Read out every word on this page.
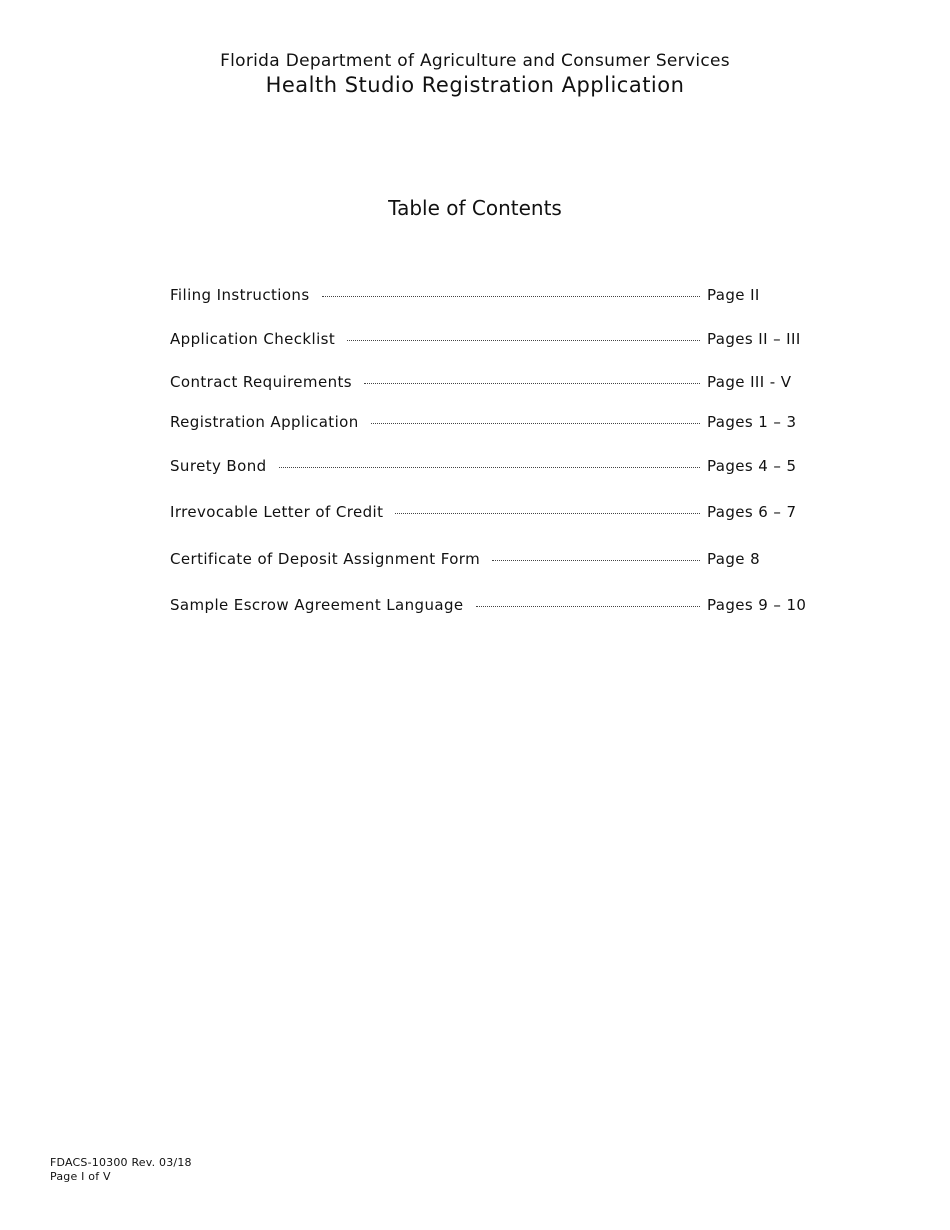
Florida Department of Agriculture and Consumer Services

Health Studio Registration Application

Table of Contents
Filing Instructions	Page II
Application Checklist	Pages II – III
Contract Requirements	Page III - V
Registration Application	Pages 1 – 3
Surety Bond	Pages 4 – 5
Irrevocable Letter of Credit	Pages 6 – 7
Certificate of Deposit Assignment Form	Page 8
Sample Escrow Agreement Language	Pages 9 – 10
FDACS-10300 Rev. 03/18
Page I of V
